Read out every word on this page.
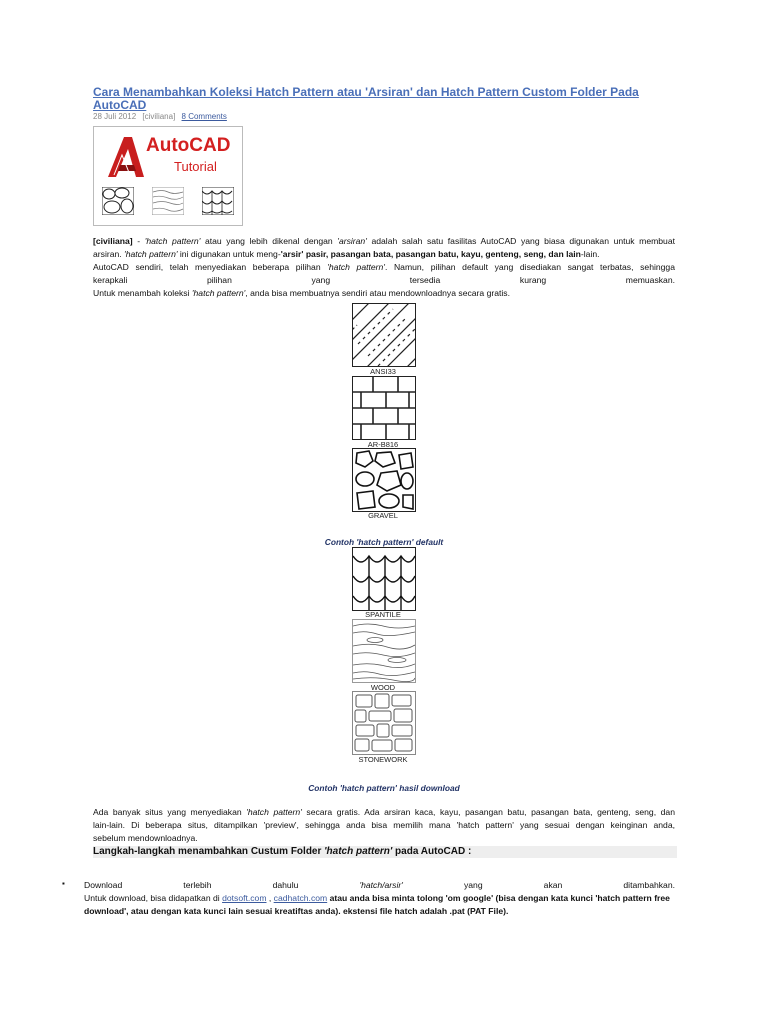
Cara Menambahkan Koleksi Hatch Pattern atau 'Arsiran' dan Hatch Pattern Custom Folder Pada AutoCAD
28 Juli 2012 [civiliana] 8 Comments
AutoCAD
Tutorial
[civiliana] - 'hatch pattern' atau yang lebih dikenal dengan 'arsiran' adalah salah satu fasilitas AutoCAD yang biasa digunakan untuk membuat
arsiran. 'hatch pattern' ini digunakan untuk meng-'arsir' pasir, pasangan bata, pasangan batu, kayu, genteng, seng, dan lain-lain.
AutoCAD sendiri, telah menyediakan beberapa pilihan 'hatch pattern'. Namun, pilihan default yang disediakan sangat terbatas, sehingga
kerapkali pilihan yang tersedia kurang memuaskan.
Untuk menambah koleksi 'hatch pattern', anda bisa membuatnya sendiri atau mendownloadnya secara gratis.
ANSI33
AR-B816
GRAVEL
Contoh 'hatch pattern' default
SPANTILE
WOOD
STONEWORK
Contoh 'hatch pattern' hasil download
Ada banyak situs yang menyediakan 'hatch pattern' secara gratis. Ada arsiran kaca, kayu, pasangan batu, pasangan bata, genteng, seng, dan
lain-lain. Di beberapa situs, ditampilkan 'preview', sehingga anda bisa memilih mana 'hatch pattern' yang sesuai dengan keinginan anda,
sebelum mendownloadnya.
Langkah-langkah menambahkan Custum Folder 'hatch pattern' pada AutoCAD :
▪ Download terlebih dahulu 'hatch/arsir' yang akan ditambahkan.
Untuk download, bisa didapatkan di dotsoft.com , cadhatch.com atau anda bisa minta tolong 'om google' (bisa dengan kata kunci 'hatch pattern free
download', atau dengan kata kunci lain sesuai kreatiftas anda). ekstensi file hatch adalah .pat (PAT File).
